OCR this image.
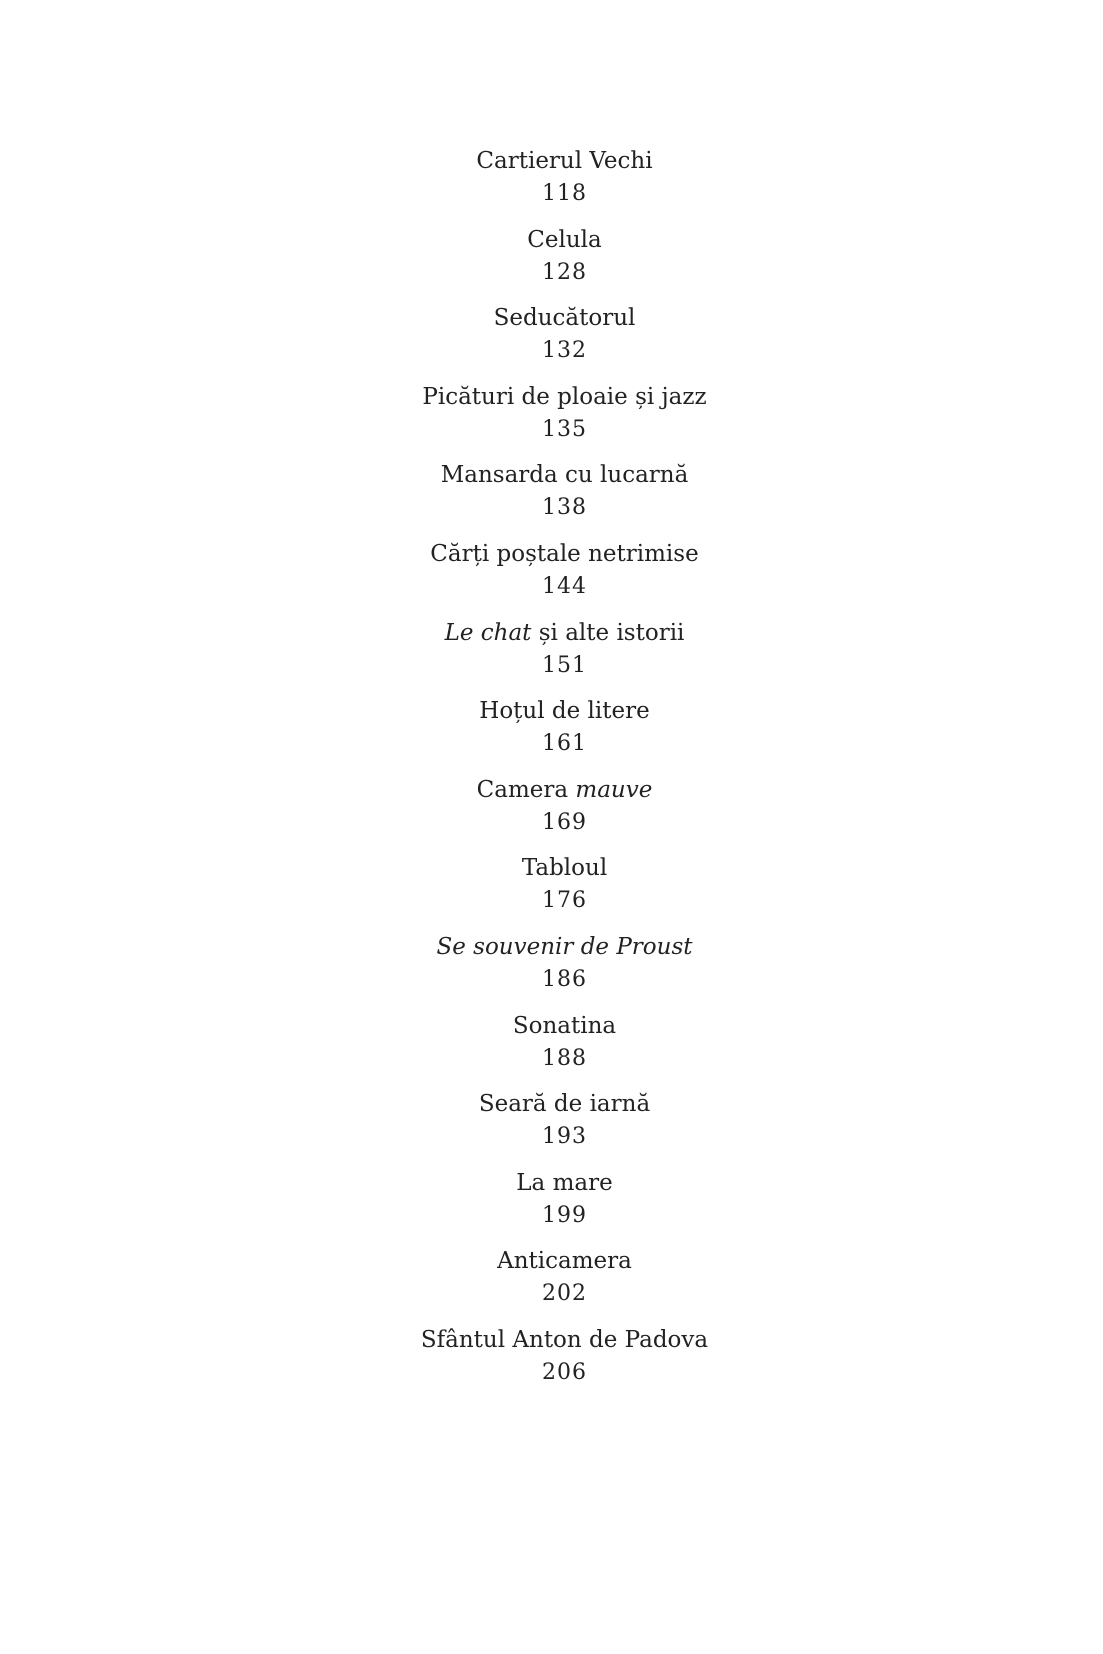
Cartierul Vechi
118
Celula
128
Seducătorul
132
Picături de ploaie și jazz
135
Mansarda cu lucarnă
138
Cărți poștale netrimise
144
Le chat și alte istorii
151
Hoțul de litere
161
Camera mauve
169
Tabloul
176
Se souvenir de Proust
186
Sonatina
188
Seară de iarnă
193
La mare
199
Anticamera
202
Sfântul Anton de Padova
206
